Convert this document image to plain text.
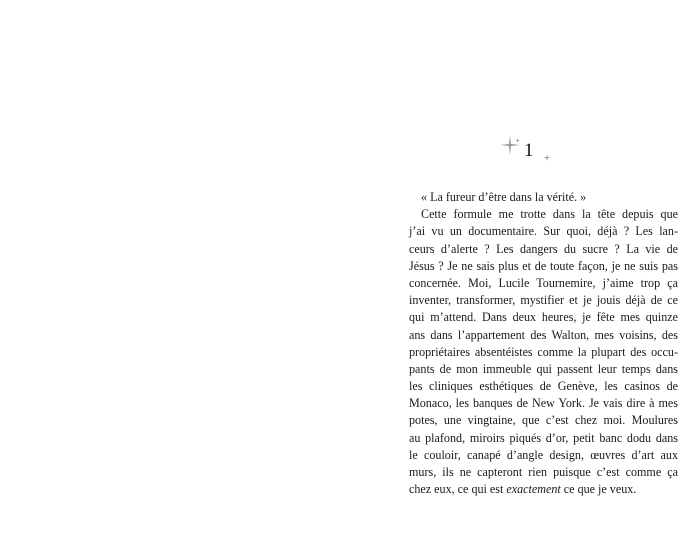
1
« La fureur d’être dans la vérité. »
Cette formule me trotte dans la tête depuis que
j’ai vu un documentaire. Sur quoi, déjà ? Les lan-
ceurs d’alerte ? Les dangers du sucre ? La vie de
Jésus ? Je ne sais plus et de toute façon, je ne suis pas
concernée. Moi, Lucile Tournemire, j’aime trop ça
inventer, transformer, mystifier et je jouis déjà de ce
qui m’attend. Dans deux heures, je fête mes quinze
ans dans l’appartement des Walton, mes voisins, des
propriétaires absentéistes comme la plupart des occu-
pants de mon immeuble qui passent leur temps dans
les cliniques esthétiques de Genève, les casinos de
Monaco, les banques de New York. Je vais dire à mes
potes, une vingtaine, que c’est chez moi. Moulures
au plafond, miroirs piqués d’or, petit banc dodu dans
le couloir, canapé d’angle design, œuvres d’art aux
murs, ils ne capteront rien puisque c’est comme ça
chez eux, ce qui est exactement ce que je veux.
